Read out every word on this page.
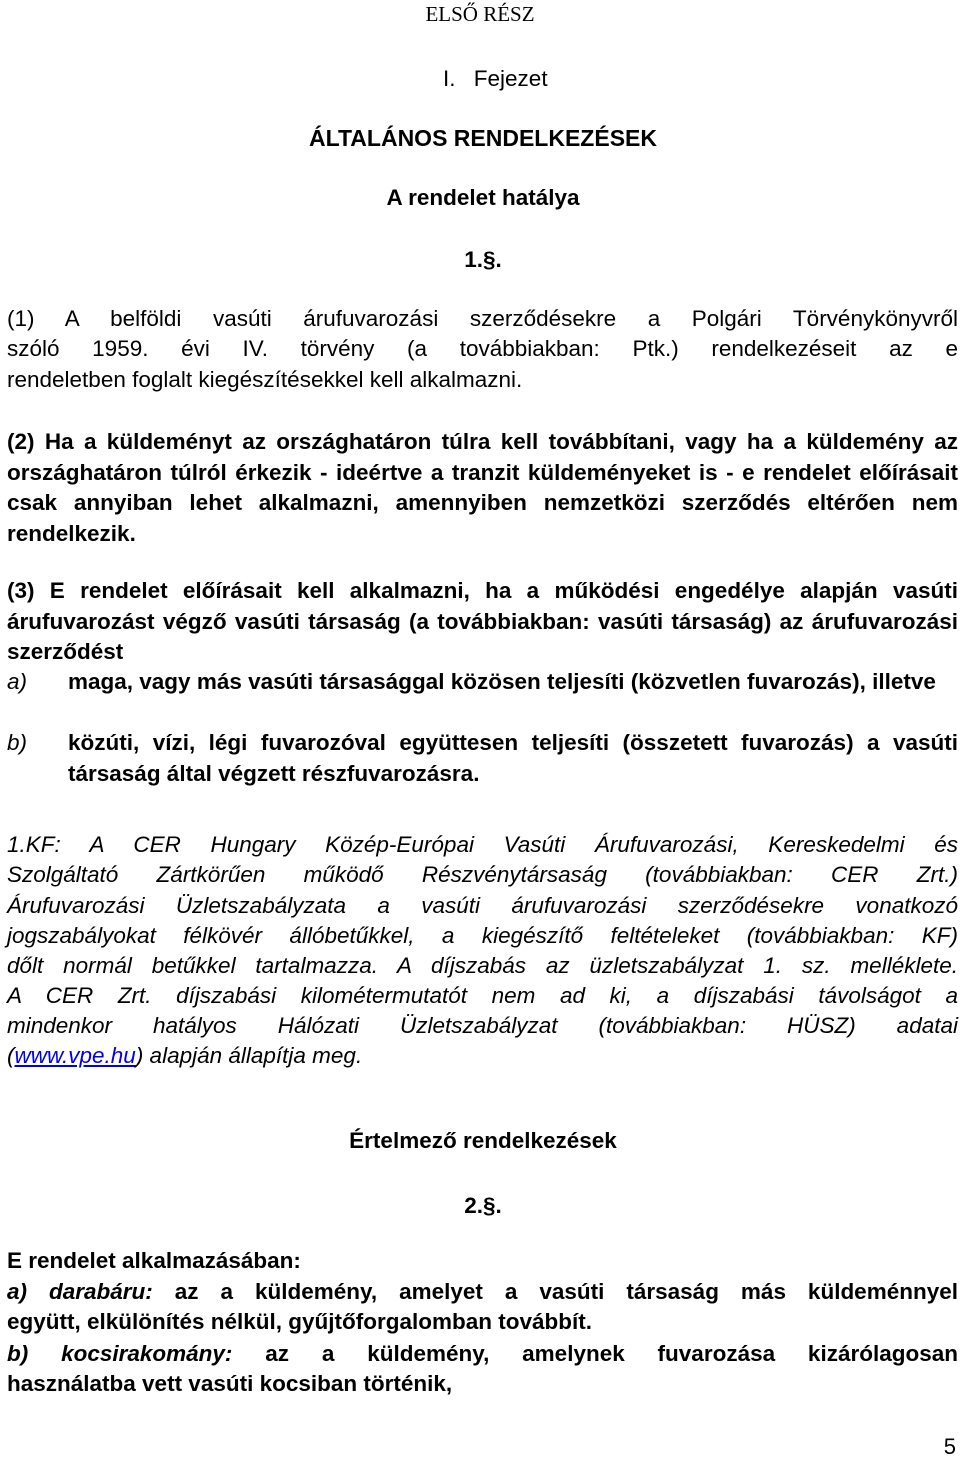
ELSŐ RÉSZ
I. Fejezet
ÁLTALÁNOS RENDELKEZÉSEK
A rendelet hatálya
1.§.
(1) A belföldi vasúti árufuvarozási szerződésekre a Polgári Törvénykönyvről
szóló 1959. évi IV. törvény (a továbbiakban: Ptk.) rendelkezéseit az e
rendeletben foglalt kiegészítésekkel kell alkalmazni.
(2) Ha a küldeményt az országhatáron túlra kell továbbítani, vagy ha a küldemény az országhatáron túlról érkezik - ideértve a tranzit küldeményeket is - e rendelet előírásait csak annyiban lehet alkalmazni, amennyiben nemzetközi szerződés eltérően nem rendelkezik.
(3) E rendelet előírásait kell alkalmazni, ha a működési engedélye alapján vasúti árufuvarozást végző vasúti társaság (a továbbiakban: vasúti társaság) az árufuvarozási szerződést
a) maga, vagy más vasúti társasággal közösen teljesíti (közvetlen fuvarozás), illetve
b) közúti, vízi, légi fuvarozóval együttesen teljesíti (összetett fuvarozás) a vasúti társaság által végzett részfuvarozásra.
1.KF: A CER Hungary Közép-Európai Vasúti Árufuvarozási, Kereskedelmi és
Szolgáltató Zártkörűen működő Részvénytársaság (továbbiakban: CER Zrt.)
Árufuvarozási Üzletszabályzata a vasúti árufuvarozási szerződésekre vonatkozó
jogszabályokat félkövér állóbetűkkel, a kiegészítő feltételeket (továbbiakban: KF)
dőlt normál betűkkel tartalmazza. A díjszabás az üzletszabályzat 1. sz. melléklete.
A CER Zrt. díjszabási kilométermutatót nem ad ki, a díjszabási távolságot a
mindenkor hatályos Hálózati Üzletszabályzat (továbbiakban: HÜSZ) adatai
(www.vpe.hu) alapján állapítja meg.
Értelmező rendelkezések
2.§.
E rendelet alkalmazásában:
a) darabáru: az a küldemény, amelyet a vasúti társaság más küldeménnyel
együtt, elkülönítés nélkül, gyűjtőforgalomban továbbít.
b) kocsirakomány: az a küldemény, amelynek fuvarozása kizárólagosan
használatba vett vasúti kocsiban történik,
5
